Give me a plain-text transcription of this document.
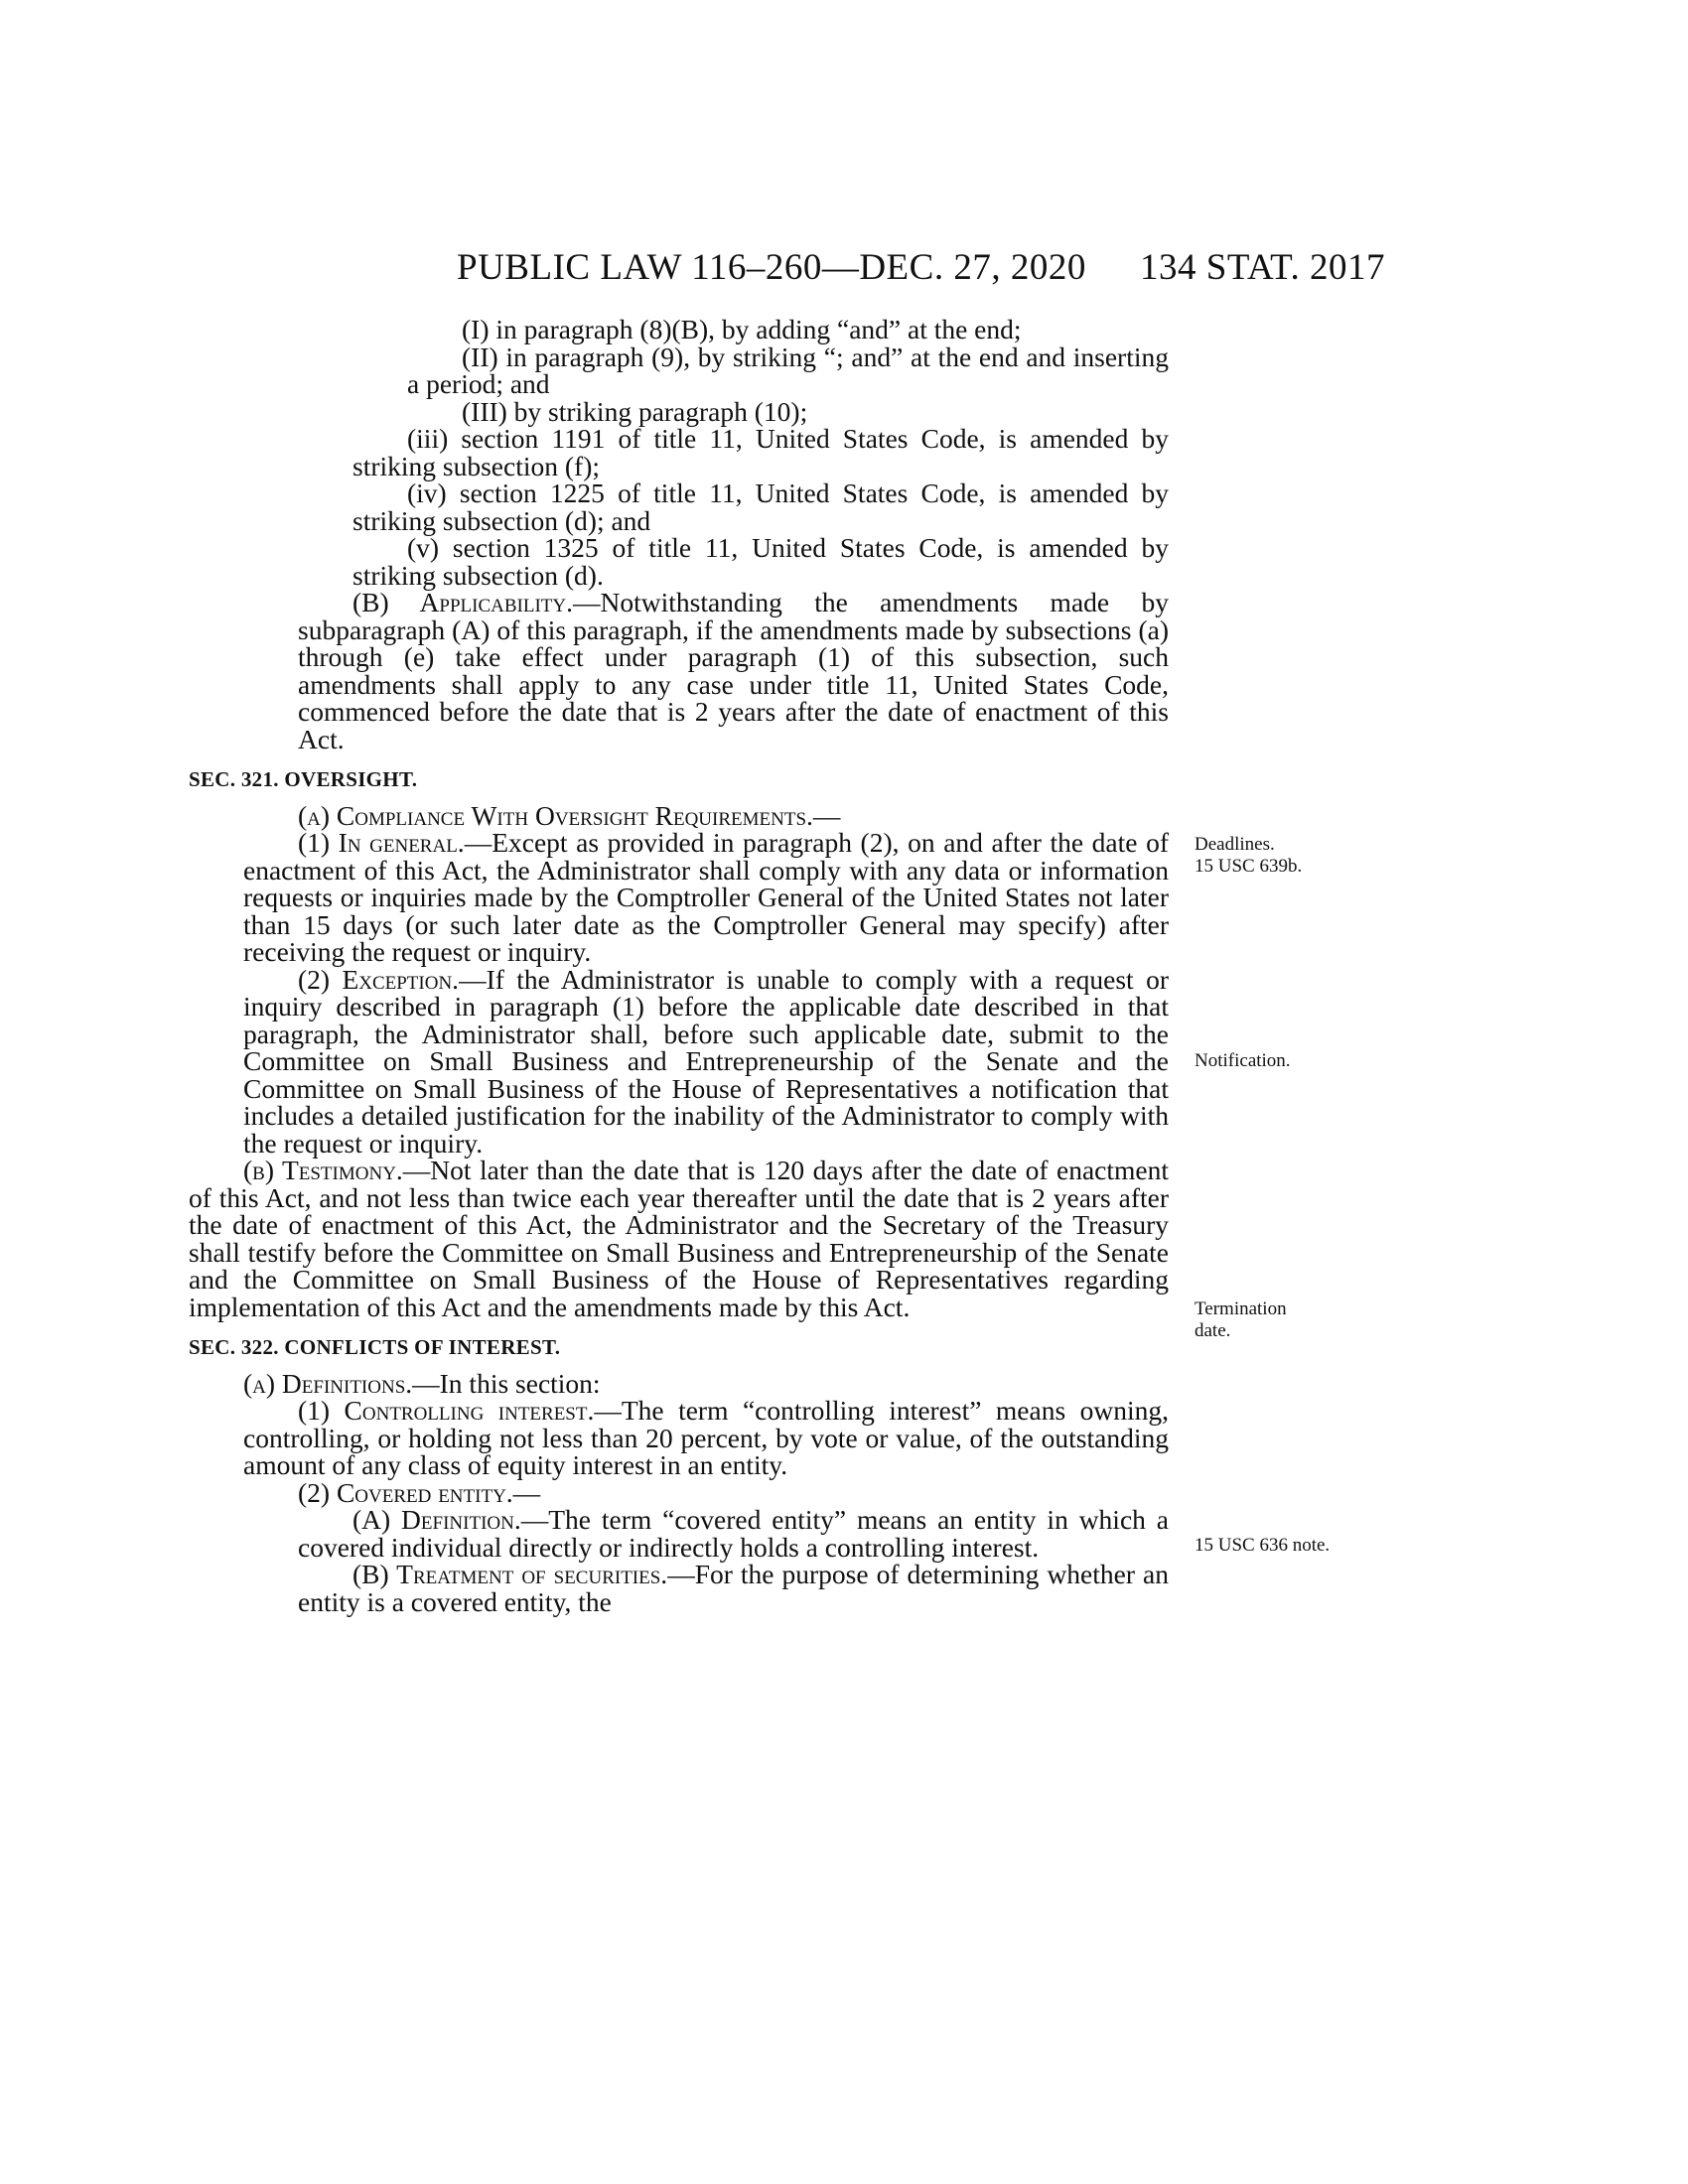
PUBLIC LAW 116–260—DEC. 27, 2020 134 STAT. 2017

(I) in paragraph (8)(B), by adding “and” at the end;

(II) in paragraph (9), by striking “; and” at the end and inserting a period; and

(III) by striking paragraph (10);

(iii) section 1191 of title 11, United States Code, is amended by striking subsection (f);

(iv) section 1225 of title 11, United States Code, is amended by striking subsection (d); and

(v) section 1325 of title 11, United States Code, is amended by striking subsection (d).

(B) Applicability.—Notwithstanding the amendments made by subparagraph (A) of this paragraph, if the amendments made by subsections (a) through (e) take effect under paragraph (1) of this subsection, such amendments shall apply to any case under title 11, United States Code, commenced before the date that is 2 years after the date of enactment of this Act.

SEC. 321. OVERSIGHT.

(a) Compliance With Oversight Requirements.—

(1) In general.—Except as provided in paragraph (2), on and after the date of enactment of this Act, the Administrator shall comply with any data or information requests or inquiries made by the Comptroller General of the United States not later than 15 days (or such later date as the Comptroller General may specify) after receiving the request or inquiry.

(2) Exception.—If the Administrator is unable to comply with a request or inquiry described in paragraph (1) before the applicable date described in that paragraph, the Administrator shall, before such applicable date, submit to the Committee on Small Business and Entrepreneurship of the Senate and the Committee on Small Business of the House of Representatives a notification that includes a detailed justification for the inability of the Administrator to comply with the request or inquiry.

(b) Testimony.—Not later than the date that is 120 days after the date of enactment of this Act, and not less than twice each year thereafter until the date that is 2 years after the date of enactment of this Act, the Administrator and the Secretary of the Treasury shall testify before the Committee on Small Business and Entrepreneurship of the Senate and the Committee on Small Business of the House of Representatives regarding implementation of this Act and the amendments made by this Act.

SEC. 322. CONFLICTS OF INTEREST.

(a) Definitions.—In this section:

(1) Controlling interest.—The term “controlling interest” means owning, controlling, or holding not less than 20 percent, by vote or value, of the outstanding amount of any class of equity interest in an entity.

(2) Covered entity.—

(A) Definition.—The term “covered entity” means an entity in which a covered individual directly or indirectly holds a controlling interest.

(B) Treatment of securities.—For the purpose of determining whether an entity is a covered entity, the

Deadlines.
15 USC 639b.
Notification.
Termination
date.
15 USC 636 note.
